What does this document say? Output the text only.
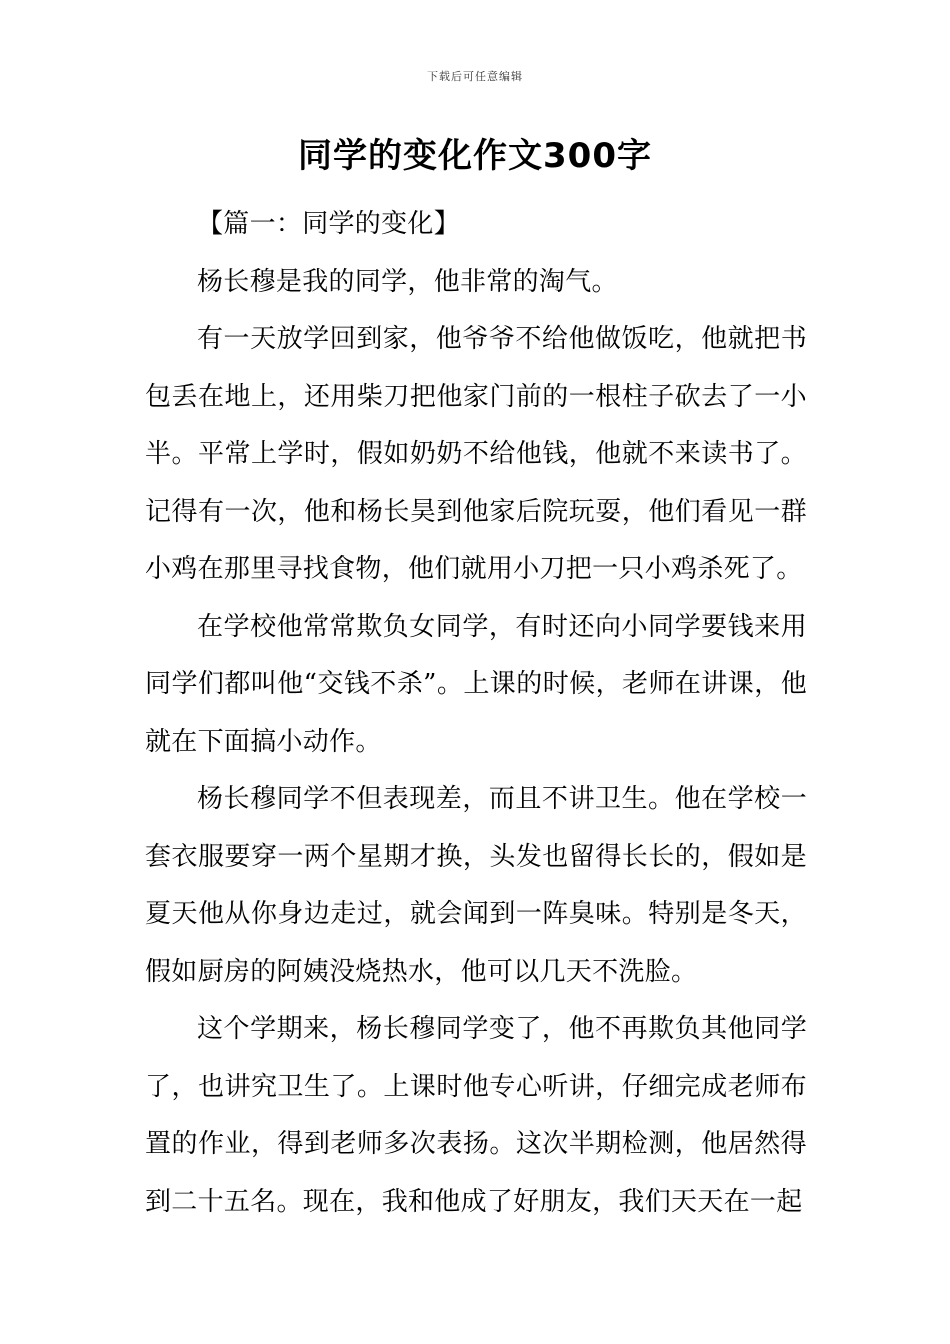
下载后可任意编辑
同学的变化作文300字

【篇一：同学的变化】

杨长穆是我的同学，他非常的淘气。

有一天放学回到家，他爷爷不给他做饭吃，他就把书包丢在地上，还用柴刀把他家门前的一根柱子砍去了一小半。平常上学时，假如奶奶不给他钱，他就不来读书了。记得有一次，他和杨长昊到他家后院玩耍，他们看见一群小鸡在那里寻找食物，他们就用小刀把一只小鸡杀死了。

在学校他常常欺负女同学，有时还向小同学要钱来用同学们都叫他“交钱不杀”。上课的时候，老师在讲课，他就在下面搞小动作。

杨长穆同学不但表现差，而且不讲卫生。他在学校一套衣服要穿一两个星期才换，头发也留得长长的，假如是夏天他从你身边走过，就会闻到一阵臭味。特别是冬天，假如厨房的阿姨没烧热水，他可以几天不洗脸。

这个学期来，杨长穆同学变了，他不再欺负其他同学了，也讲究卫生了。上课时他专心听讲，仔细完成老师布置的作业，得到老师多次表扬。这次半期检测，他居然得到二十五名。现在，我和他成了好朋友，我们天天在一起
